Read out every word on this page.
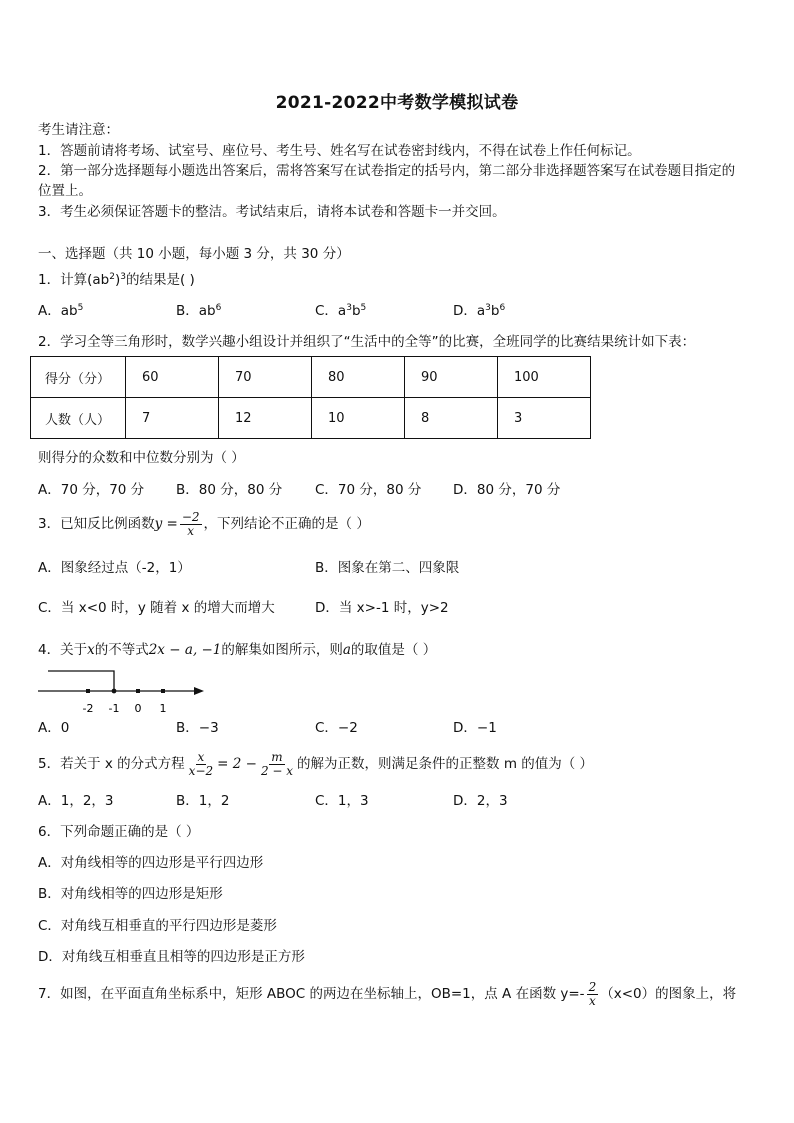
2021-2022中考数学模拟试卷
考生请注意：
1．答题前请将考场、试室号、座位号、考生号、姓名写在试卷密封线内，不得在试卷上作任何标记。
2．第一部分选择题每小题选出答案后，需将答案写在试卷指定的括号内，第二部分非选择题答案写在试卷题目指定的
位置上。
3．考生必须保证答题卡的整洁。考试结束后，请将本试卷和答题卡一并交回。
一、选择题（共 10 小题，每小题 3 分，共 30 分）
1．计算$(ab^2)^3$的结果是( )
A．$ab^5$	B．$ab^6$	C．$a^3b^5$	D．$a^3b^6$
2．学习全等三角形时，数学兴趣小组设计并组织了“生活中的全等”的比赛，全班同学的比赛结果统计如下表：
得分（分）	60	70	80	90	100
人数（人）	7	12	10	8	3
则得分的众数和中位数分别为（ ）
A．70 分，70 分 B．80 分，80 分 C．70 分，80 分 D．80 分，70 分
3．已知反比例函数$y = \frac{-2}{x}$ ，下列结论不正确的是（ ）
A．图象经过点（-2，1）	B．图象在第二、四象限
C．当 x<0 时，y 随着 x 的增大而增大	D．当 x>-1 时，y>2
4．关于x的不等式2x − a‚ −1的解集如图所示，则a的取值是（ ）
-2 -1 0 1
A．0	B．−3	C．−2	D．−1
5．若关于 x 的分式方程 $\frac{x}{x-2} = 2 - \frac{m}{2 - x}$ 的解为正数，则满足条件的正整数 m 的值为（ ）
A．1，2，3	B．1，2	C．1，3	D．2，3
6．下列命题正确的是（ ）
A．对角线相等的四边形是平行四边形
B．对角线相等的四边形是矩形
C．对角线互相垂直的平行四边形是菱形
D．对角线互相垂直且相等的四边形是正方形
7．如图，在平面直角坐标系中，矩形 ABOC 的两边在坐标轴上，OB=1，点 A 在函数 $y=- \frac{2}{x} (x<0)$的图象上，将
